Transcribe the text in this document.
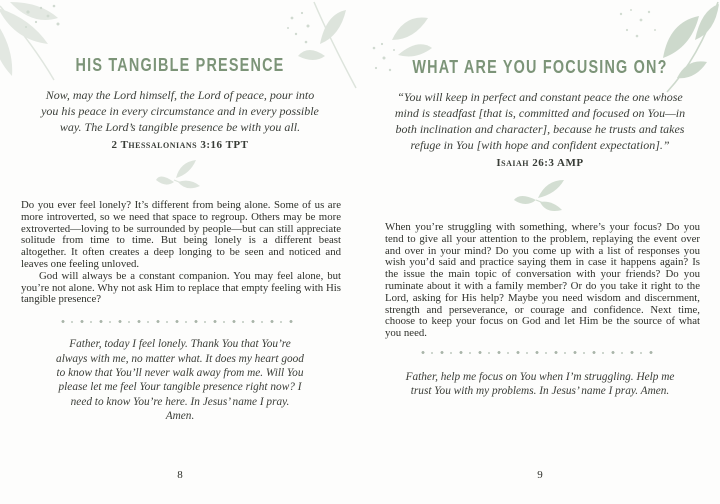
HIS TANGIBLE PRESENCE

Now, may the Lord himself, the Lord of peace, pour into you his peace in every circumstance and in every possible way. The Lord’s tangible presence be with you all.

2 Thessalonians 3:16 TPT

Do you ever feel lonely? It’s different from being alone. Some of us are more introverted, so we need that space to regroup. Others may be more extroverted—loving to be surrounded by people—but can still appreciate solitude from time to time. But being lonely is a different beast altogether. It often creates a deep longing to be seen and noticed and leaves one feeling unloved.

God will always be a constant companion. You may feel alone, but you’re not alone. Why not ask Him to replace that empty feeling with His tangible presence?

Father, today I feel lonely. Thank You that You’re always with me, no matter what. It does my heart good to know that You’ll never walk away from me. Will You please let me feel Your tangible presence right now? I need to know You’re here. In Jesus’ name I pray. Amen.

8
WHAT ARE YOU FOCUSING ON?

“You will keep in perfect and constant peace the one whose mind is steadfast [that is, committed and focused on You—in both inclination and character], because he trusts and takes refuge in You [with hope and confident expectation].”

Isaiah 26:3 AMP

When you’re struggling with something, where’s your focus? Do you tend to give all your attention to the problem, replaying the event over and over in your mind? Do you come up with a list of responses you wish you’d said and practice saying them in case it happens again? Is the issue the main topic of conversation with your friends? Do you ruminate about it with a family member? Or do you take it right to the Lord, asking for His help? Maybe you need wisdom and discernment, strength and perseverance, or courage and confidence. Next time, choose to keep your focus on God and let Him be the source of what you need.

Father, help me focus on You when I’m struggling. Help me trust You with my problems. In Jesus’ name I pray. Amen.

9
